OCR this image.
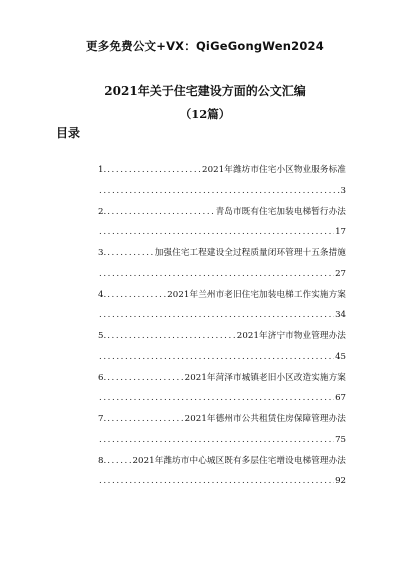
更多免费公文+VX：QiGeGongWen2024
2021年关于住宅建设方面的公文汇编
（12篇）
目录
1. .....	2021年潍坊市住宅小区物业服务标准
.....
3
2. .....	青岛市既有住宅加装电梯暂行办法
.....
17
3. .....	加强住宅工程建设全过程质量闭环管理十五条措施
.....
27
4. .....	2021年兰州市老旧住宅加装电梯工作实施方案
.....
34
5. .....	2021年济宁市物业管理办法
.....
45
6. .....	2021年菏泽市城镇老旧小区改造实施方案
.....
67
7. .....	2021年德州市公共租赁住房保障管理办法
.....
75
8. .....	2021年潍坊市中心城区既有多层住宅增设电梯管理办法
.....
92
